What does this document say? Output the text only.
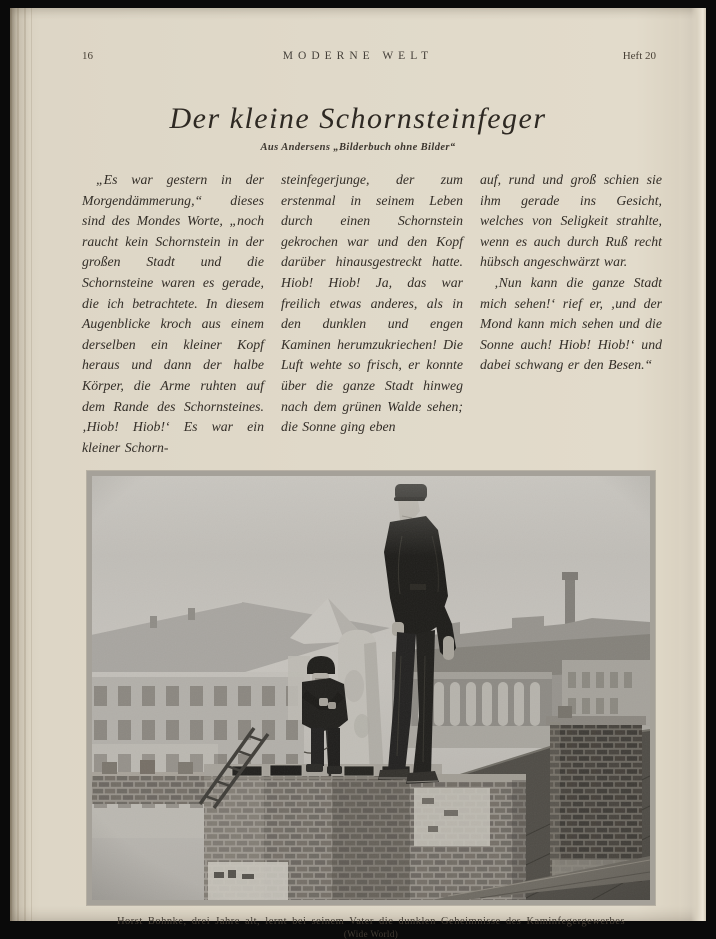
16	MODERNE WELT	Heft 20
Der kleine Schornsteinfeger
Aus Andersens „Bilderbuch ohne Bilder“

„Es war gestern in der Morgendämmerung,“ dieses sind des Mondes Worte, „noch raucht kein Schornstein in der großen Stadt und die Schornsteine waren es gerade, die ich betrachtete. In diesem Augenblicke kroch aus einem derselben ein kleiner Kopf heraus und dann der halbe Körper, die Arme ruhten auf dem Rande des Schornsteines. ‚Hiob! Hiob!‘ Es war ein kleiner Schorn-

steinfegerjunge, der zum erstenmal in seinem Leben durch einen Schornstein gekrochen war und den Kopf darüber hinausgestreckt hatte. Hiob! Hiob! Ja, das war freilich etwas anderes, als in den dunklen und engen Kaminen herumzukriechen! Die Luft wehte so frisch, er konnte über die ganze Stadt hinweg nach dem grünen Walde sehen; die Sonne ging eben

auf, rund und groß schien sie ihm gerade ins Gesicht, welches von Seligkeit strahlte, wenn es auch durch Ruß recht hübsch angeschwärzt war.

‚Nun kann die ganze Stadt mich sehen!‘ rief er, ‚und der Mond kann mich sehen und die Sonne auch! Hiob! Hiob!‘ und dabei schwang er den Besen.“

Horst Bohnke, drei Jahre alt, lernt bei seinem Vater die dunklen Geheimnisse des Kaminfegergewerbes
(Wide World)
